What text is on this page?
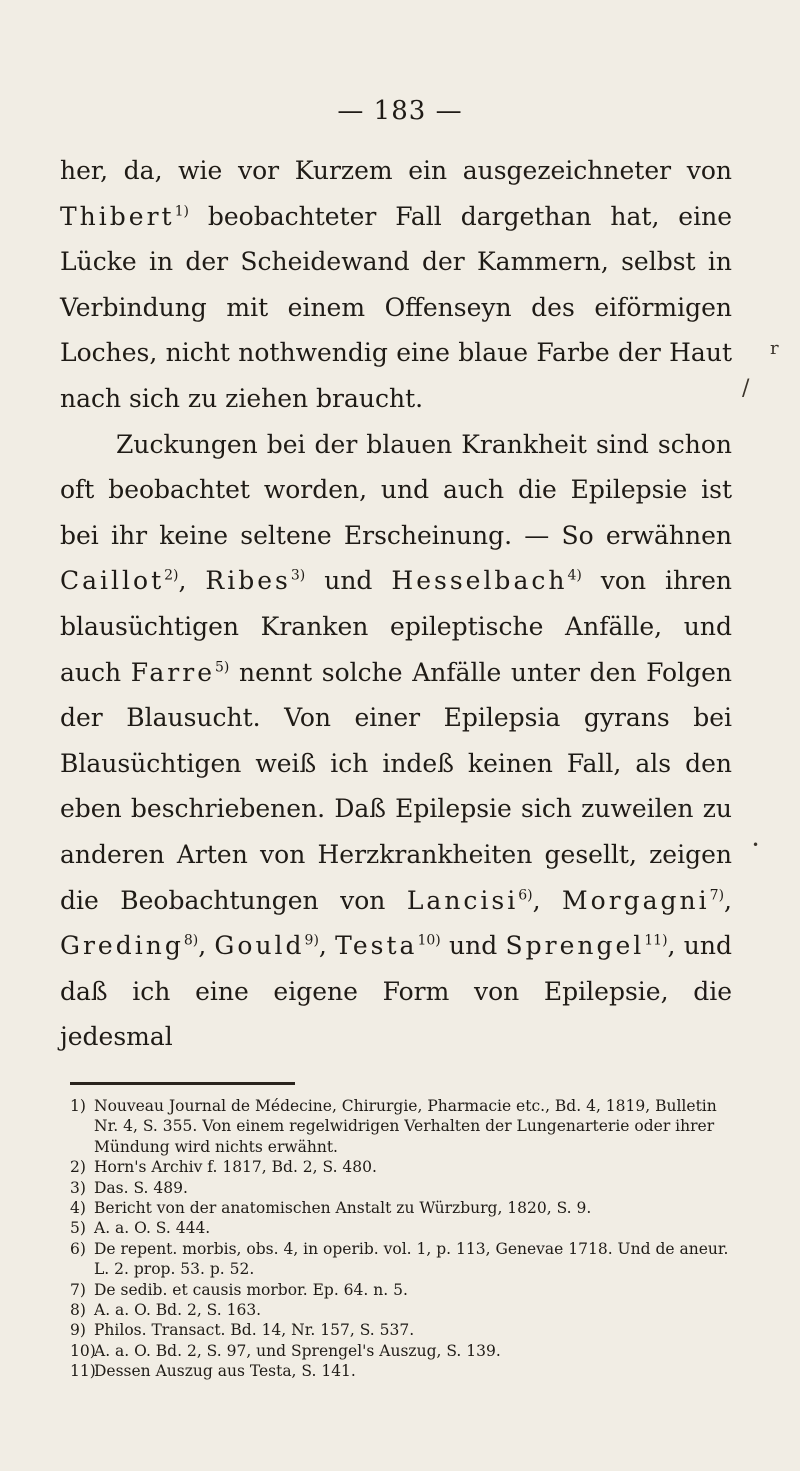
— 183 —
r
/
•

her, da, wie vor Kurzem ein ausgezeichneter von Thibert$^{1)}$ beobachteter Fall dargethan hat, eine Lücke in der Scheidewand der Kammern, selbst in Verbindung mit einem Offenseyn des eiförmigen Loches, nicht nothwendig eine blaue Farbe der Haut nach sich zu ziehen braucht.

Zuckungen bei der blauen Krankheit sind schon oft beobachtet worden, und auch die Epilepsie ist bei ihr keine seltene Erscheinung. — So erwähnen Caillot$^{2)}$, Ribes$^{3)}$ und Hesselbach$^{4)}$ von ihren blausüchtigen Kranken epileptische Anfälle, und auch Farre$^{5)}$ nennt solche Anfälle unter den Folgen der Blausucht. Von einer Epilepsia gyrans bei Blausüchtigen weiß ich indeß keinen Fall, als den eben beschriebenen. Daß Epilepsie sich zuweilen zu anderen Arten von Herzkrankheiten gesellt, zeigen die Beobachtungen von Lancisi$^{6)}$, Morgagni$^{7)}$, Greding$^{8)}$, Gould$^{9)}$, Testa$^{10)}$ und Sprengel$^{11)}$, und daß ich eine eigene Form von Epilepsie, die jedesmal

1) Nouveau Journal de Médecine, Chirurgie, Pharmacie etc., Bd. 4, 1819, Bulletin Nr. 4, S. 355. Von einem regelwidrigen Verhalten der Lungenarterie oder ihrer Mündung wird nichts erwähnt.
2) Horn's Archiv f. 1817, Bd. 2, S. 480.
3) Das. S. 489.
4) Bericht von der anatomischen Anstalt zu Würzburg, 1820, S. 9.
5) A. a. O. S. 444.
6) De repent. morbis, obs. 4, in operib. vol. 1, p. 113, Genevae 1718. Und de aneur. L. 2. prop. 53. p. 52.
7) De sedib. et causis morbor. Ep. 64. n. 5.
8) A. a. O. Bd. 2, S. 163.
9) Philos. Transact. Bd. 14, Nr. 157, S. 537.
10)
A. a. O. Bd. 2, S. 97, und Sprengel's Auszug, S. 139.
11)
Dessen Auszug aus Testa, S. 141.
